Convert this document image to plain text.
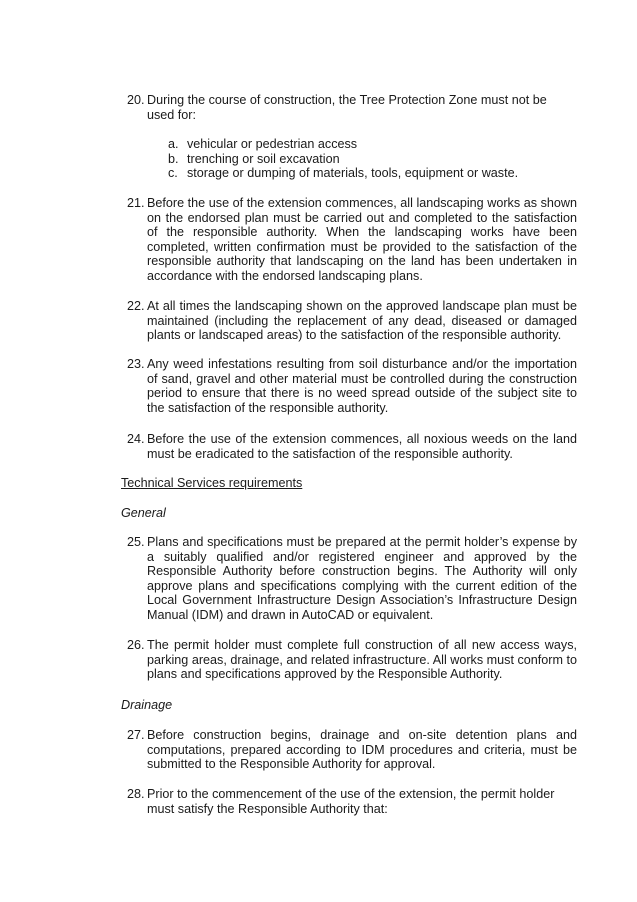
20. During the course of construction, the Tree Protection Zone must not be used for:
a. vehicular or pedestrian access
b. trenching or soil excavation
c. storage or dumping of materials, tools, equipment or waste.
21. Before the use of the extension commences, all landscaping works as shown on the endorsed plan must be carried out and completed to the satisfaction of the responsible authority. When the landscaping works have been completed, written confirmation must be provided to the satisfaction of the responsible authority that landscaping on the land has been undertaken in accordance with the endorsed landscaping plans.
22. At all times the landscaping shown on the approved landscape plan must be maintained (including the replacement of any dead, diseased or damaged plants or landscaped areas) to the satisfaction of the responsible authority.
23. Any weed infestations resulting from soil disturbance and/or the importation of sand, gravel and other material must be controlled during the construction period to ensure that there is no weed spread outside of the subject site to the satisfaction of the responsible authority.
24. Before the use of the extension commences, all noxious weeds on the land must be eradicated to the satisfaction of the responsible authority.
Technical Services requirements
General
25. Plans and specifications must be prepared at the permit holder’s expense by a suitably qualified and/or registered engineer and approved by the Responsible Authority before construction begins. The Authority will only approve plans and specifications complying with the current edition of the Local Government Infrastructure Design Association’s Infrastructure Design Manual (IDM) and drawn in AutoCAD or equivalent.
26. The permit holder must complete full construction of all new access ways, parking areas, drainage, and related infrastructure. All works must conform to plans and specifications approved by the Responsible Authority.
Drainage
27. Before construction begins, drainage and on-site detention plans and computations, prepared according to IDM procedures and criteria, must be submitted to the Responsible Authority for approval.
28. Prior to the commencement of the use of the extension, the permit holder must satisfy the Responsible Authority that:
